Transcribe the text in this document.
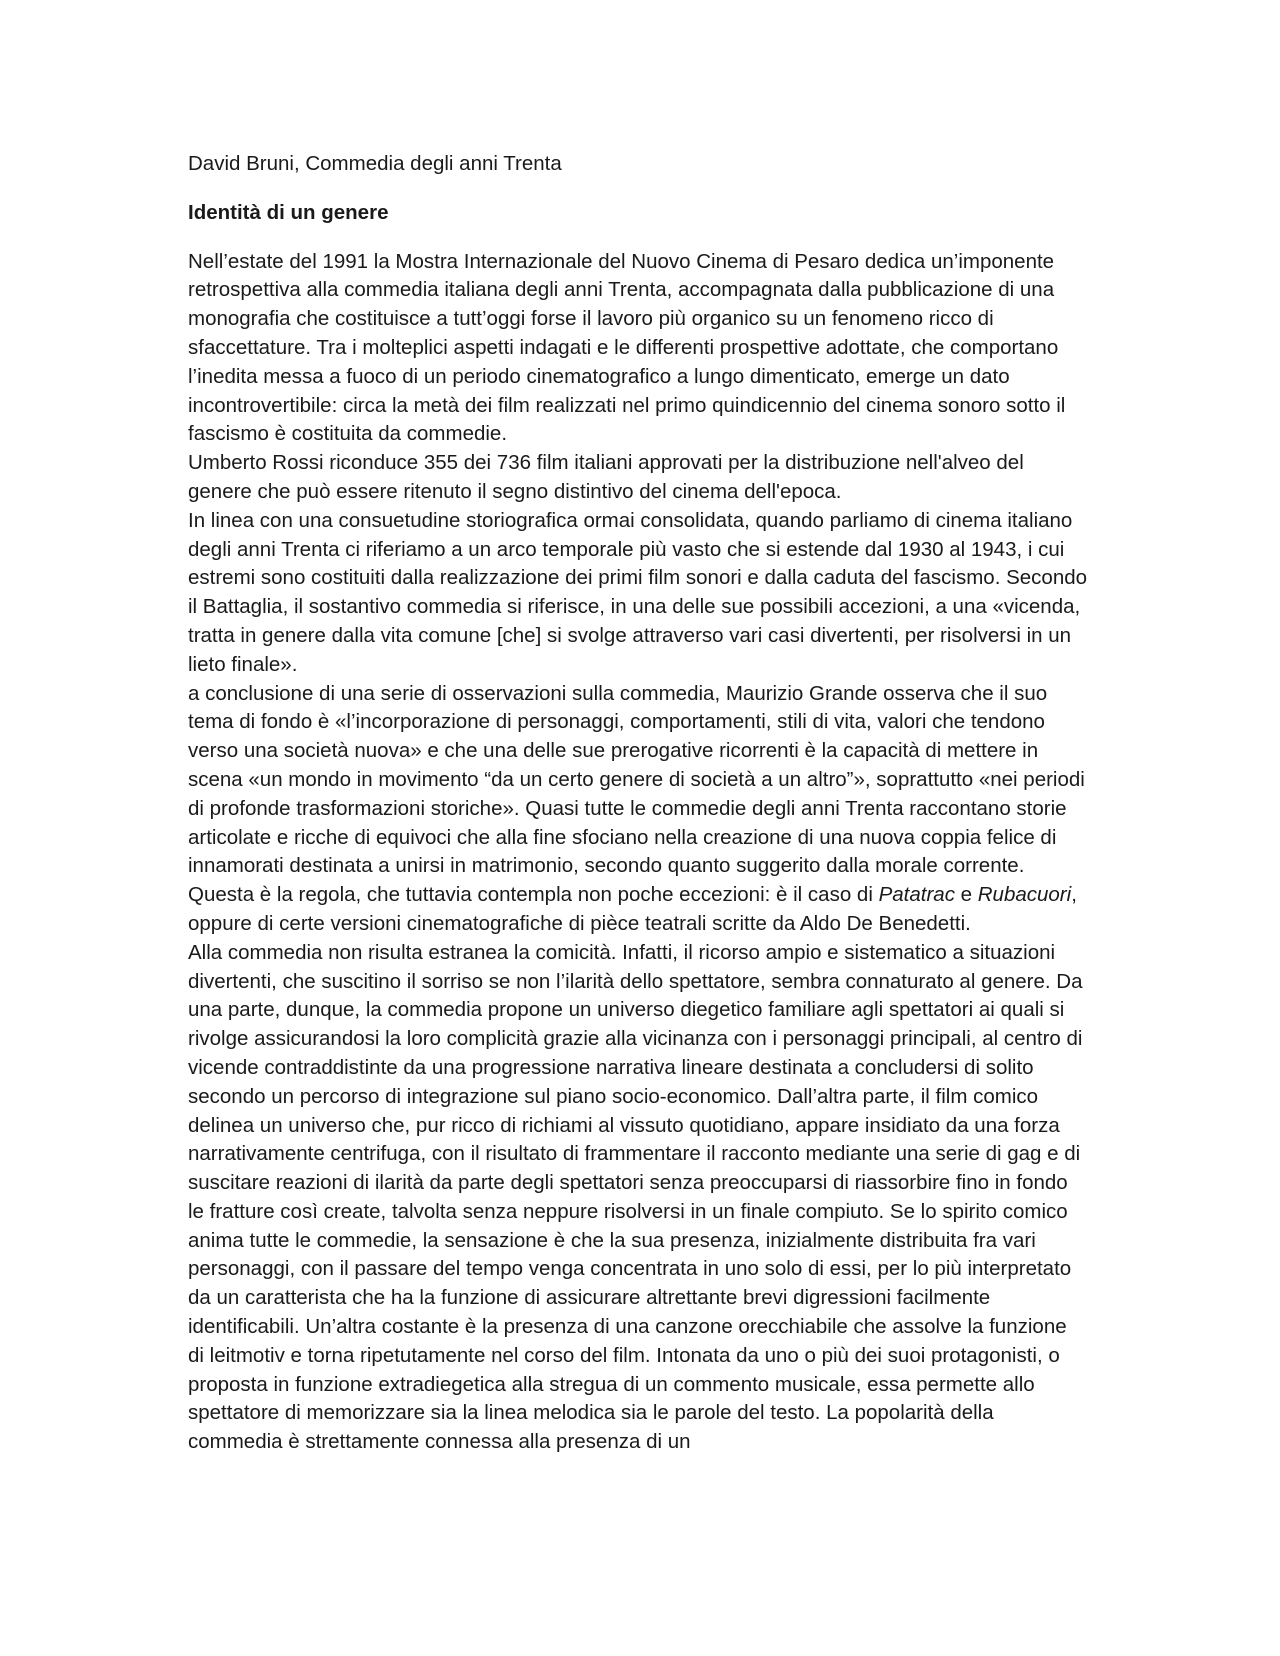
David Bruni, Commedia degli anni Trenta

Identità di un genere

Nell’estate del 1991 la Mostra Internazionale del Nuovo Cinema di Pesaro dedica un’imponente retrospettiva alla commedia italiana degli anni Trenta, accompagnata dalla pubblicazione di una monografia che costituisce a tutt’oggi forse il lavoro più organico su un fenomeno ricco di sfaccettature. Tra i molteplici aspetti indagati e le differenti prospettive adottate, che comportano l’inedita messa a fuoco di un periodo cinematografico a lungo dimenticato, emerge un dato incontrovertibile: circa la metà dei film realizzati nel primo quindicennio del cinema sonoro sotto il fascismo è costituita da commedie.

Umberto Rossi riconduce 355 dei 736 film italiani approvati per la distribuzione nell'alveo del genere che può essere ritenuto il segno distintivo del cinema dell'epoca.

In linea con una consuetudine storiografica ormai consolidata, quando parliamo di cinema italiano degli anni Trenta ci riferiamo a un arco temporale più vasto che si estende dal 1930 al 1943, i cui estremi sono costituiti dalla realizzazione dei primi film sonori e dalla caduta del fascismo. Secondo il Battaglia, il sostantivo commedia si riferisce, in una delle sue possibili accezioni, a una «vicenda, tratta in genere dalla vita comune [che] si svolge attraverso vari casi divertenti, per risolversi in un lieto finale».

a conclusione di una serie di osservazioni sulla commedia, Maurizio Grande osserva che il suo tema di fondo è «l’incorporazione di personaggi, comportamenti, stili di vita, valori che tendono verso una società nuova» e che una delle sue prerogative ricorrenti è la capacità di mettere in scena «un mondo in movimento “da un certo genere di società a un altro”», soprattutto «nei periodi di profonde trasformazioni storiche». Quasi tutte le commedie degli anni Trenta raccontano storie articolate e ricche di equivoci che alla fine sfociano nella creazione di una nuova coppia felice di innamorati destinata a unirsi in matrimonio, secondo quanto suggerito dalla morale corrente. Questa è la regola, che tuttavia contempla non poche eccezioni: è il caso di Patatrac e Rubacuori, oppure di certe versioni cinematografiche di pièce teatrali scritte da Aldo De Benedetti.

Alla commedia non risulta estranea la comicità. Infatti, il ricorso ampio e sistematico a situazioni divertenti, che suscitino il sorriso se non l’ilarità dello spettatore, sembra connaturato al genere. Da una parte, dunque, la commedia propone un universo diegetico familiare agli spettatori ai quali si rivolge assicurandosi la loro complicità grazie alla vicinanza con i personaggi principali, al centro di vicende contraddistinte da una progressione narrativa lineare destinata a concludersi di solito secondo un percorso di integrazione sul piano socio-economico. Dall’altra parte, il film comico delinea un universo che, pur ricco di richiami al vissuto quotidiano, appare insidiato da una forza narrativamente centrifuga, con il risultato di frammentare il racconto mediante una serie di gag e di suscitare reazioni di ilarità da parte degli spettatori senza preoccuparsi di riassorbire fino in fondo le fratture così create, talvolta senza neppure risolversi in un finale compiuto. Se lo spirito comico anima tutte le commedie, la sensazione è che la sua presenza, inizialmente distribuita fra vari personaggi, con il passare del tempo venga concentrata in uno solo di essi, per lo più interpretato da un caratterista che ha la funzione di assicurare altrettante brevi digressioni facilmente identificabili. Un’altra costante è la presenza di una canzone orecchiabile che assolve la funzione di leitmotiv e torna ripetutamente nel corso del film. Intonata da uno o più dei suoi protagonisti, o proposta in funzione extradiegetica alla stregua di un commento musicale, essa permette allo spettatore di memorizzare sia la linea melodica sia le parole del testo. La popolarità della commedia è strettamente connessa alla presenza di un
